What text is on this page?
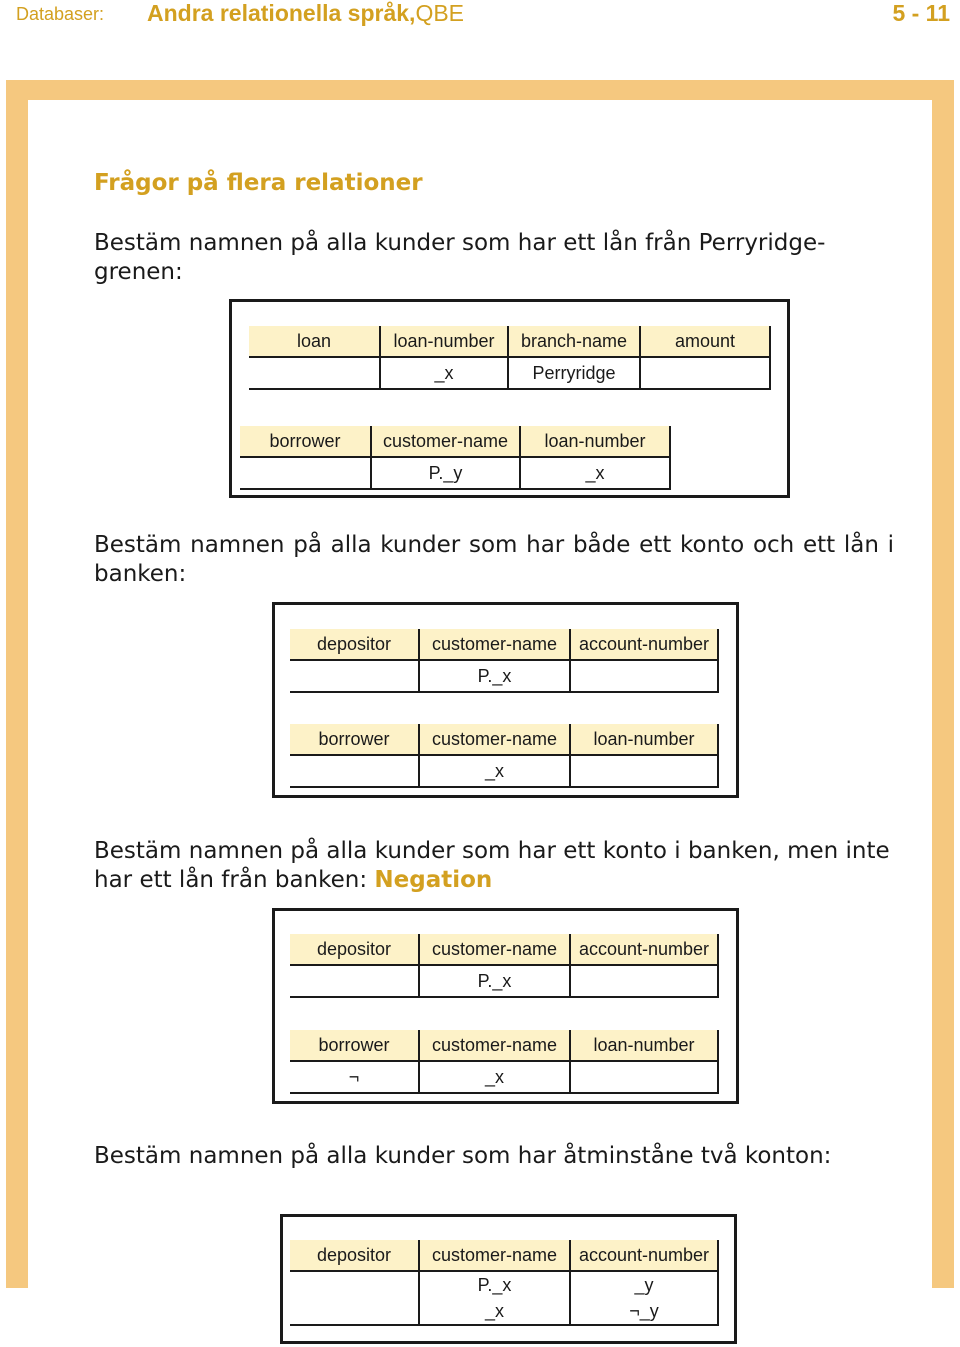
Databaser: Andra relationella språk,QBE	5 - 11
Frågor på flera relationer
Bestäm namnen på alla kunder som har ett lån från Perryridge-grenen:
loan	loan-number	branch-name	amount
	_x	Perryridge	
borrower	customer-name	loan-number
	P._y	_x
Bestäm namnen på alla kunder som har både ett konto och ett lån i banken:
depositor	customer-name	account-number
	P._x	
borrower	customer-name	loan-number
	_x	
Bestäm namnen på alla kunder som har ett konto i banken, men inte har ett lån från banken: Negation
depositor	customer-name	account-number
	P._x	
borrower	customer-name	loan-number
¬	_x	
Bestäm namnen på alla kunder som har åtminståne två konton:
depositor	customer-name	account-number
	P._x	_y
	_x	¬_y
